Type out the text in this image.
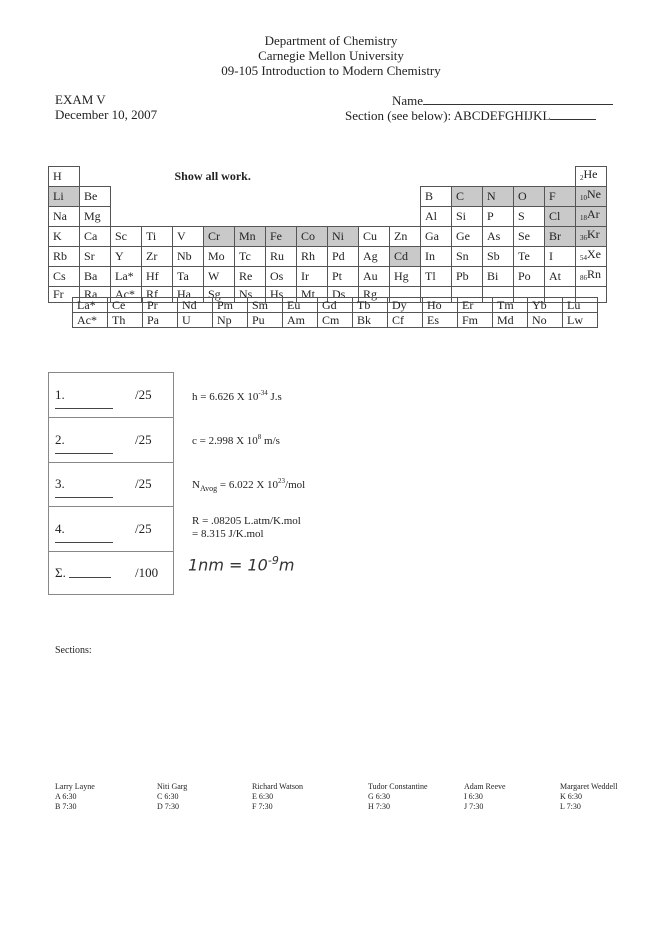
Department of Chemistry
Carnegie Mellon University
09-105 Introduction to Modern Chemistry
EXAM V
December 10, 2007
Name
Section (see below): ABCDEFGHIJKL
H				Show all work.													$_2$He
Li	Be											B	C	N	O	F	$_{10}$Ne
Na	Mg											Al	Si	P	S	Cl	$_{18}$Ar
K	Ca	Sc	Ti	V	Cr	Mn	Fe	Co	Ni	Cu	Zn	Ga	Ge	As	Se	Br	$_{36}$Kr
Rb	Sr	Y	Zr	Nb	Mo	Tc	Ru	Rh	Pd	Ag	Cd	In	Sn	Sb	Te	I	$_{54}$Xe
Cs	Ba	La*	Hf	Ta	W	Re	Os	Ir	Pt	Au	Hg	Tl	Pb	Bi	Po	At	$_{86}$Rn
Fr	Ra	Ac*	Rf	Ha	Sg	Ns	Hs	Mt	Ds	Rg							
La*	Ce	Pr	Nd	Pm	Sm	Eu	Gd	Tb	Dy	Ho	Er	Tm	Yb	Lu
Ac*	Th	Pa	U	Np	Pu	Am	Cm	Bk	Cf	Es	Fm	Md	No	Lw
1.	/25
2.	/25
3.	/25
4.	/25
Σ.	/100
h = 6.626 X $10^{-34}$ J.s
c = 2.998 X $10^8$ m/s
$N_{Avog} = 6.022$ X $10^{23}$/mol
R = .08205 L.atm/K.mol
= 8.315 J/K.mol
$1nm = 10^{-9}m$
Sections:
Larry Layne
A 6:30
B 7:30
Niti Garg
C 6:30
D 7:30
Richard Watson
E 6:30
F 7:30
Tudor Constantine
G 6:30
H 7:30
Adam Reeve
I 6:30
J 7:30
Margaret Weddell
K 6:30
L 7:30
